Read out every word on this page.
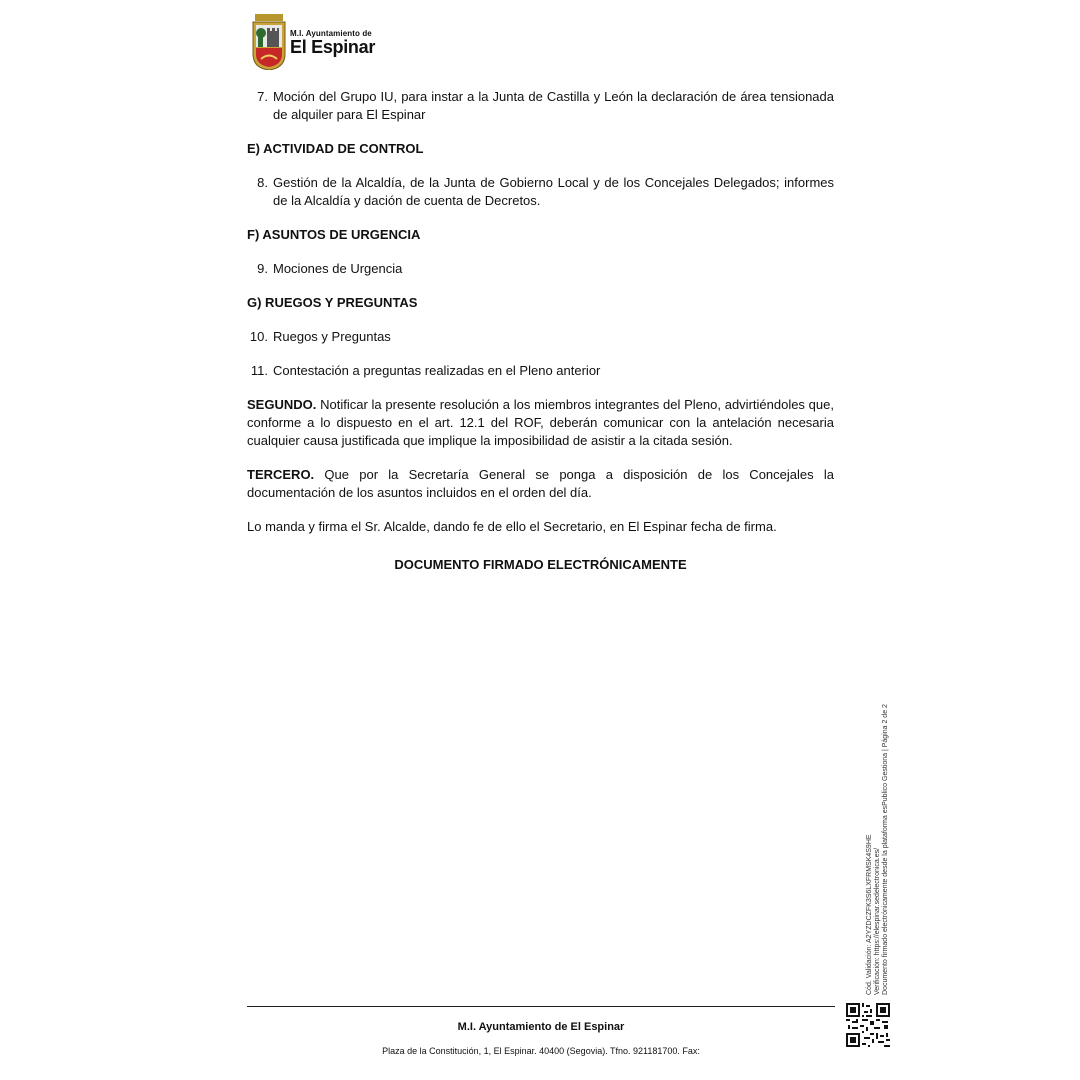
M.I. Ayuntamiento de
El Espinar
7. Moción del Grupo IU, para instar a la Junta de Castilla y León la declaración de área tensionada de alquiler para El Espinar
E) ACTIVIDAD DE CONTROL
8. Gestión de la Alcaldía, de la Junta de Gobierno Local y de los Concejales Delegados; informes de la Alcaldía y dación de cuenta de Decretos.
F) ASUNTOS DE URGENCIA
9. Mociones de Urgencia
G) RUEGOS Y PREGUNTAS
10. Ruegos y Preguntas
11. Contestación a preguntas realizadas en el Pleno anterior
SEGUNDO. Notificar la presente resolución a los miembros integrantes del Pleno, advirtiéndoles que, conforme a lo dispuesto en el art. 12.1 del ROF, deberán comunicar con la antelación necesaria cualquier causa justificada que implique la imposibilidad de asistir a la citada sesión.
TERCERO. Que por la Secretaría General se ponga a disposición de los Concejales la documentación de los asuntos incluidos en el orden del día.
Lo manda y firma el Sr. Alcalde, dando fe de ello el Secretario, en El Espinar fecha de firma.
DOCUMENTO FIRMADO ELECTRÓNICAMENTE
Cód. Validación: A2YZDCZFK3S6LXFRMSK4S9HE Verificación: https://elespinar.sedelectronica.es/ Documento firmado electrónicamente desde la plataforma esPublico Gestiona | Página 2 de 2
M.I. Ayuntamiento de El Espinar
Plaza de la Constitución, 1, El Espinar. 40400 (Segovia). Tfno. 921181700. Fax:
